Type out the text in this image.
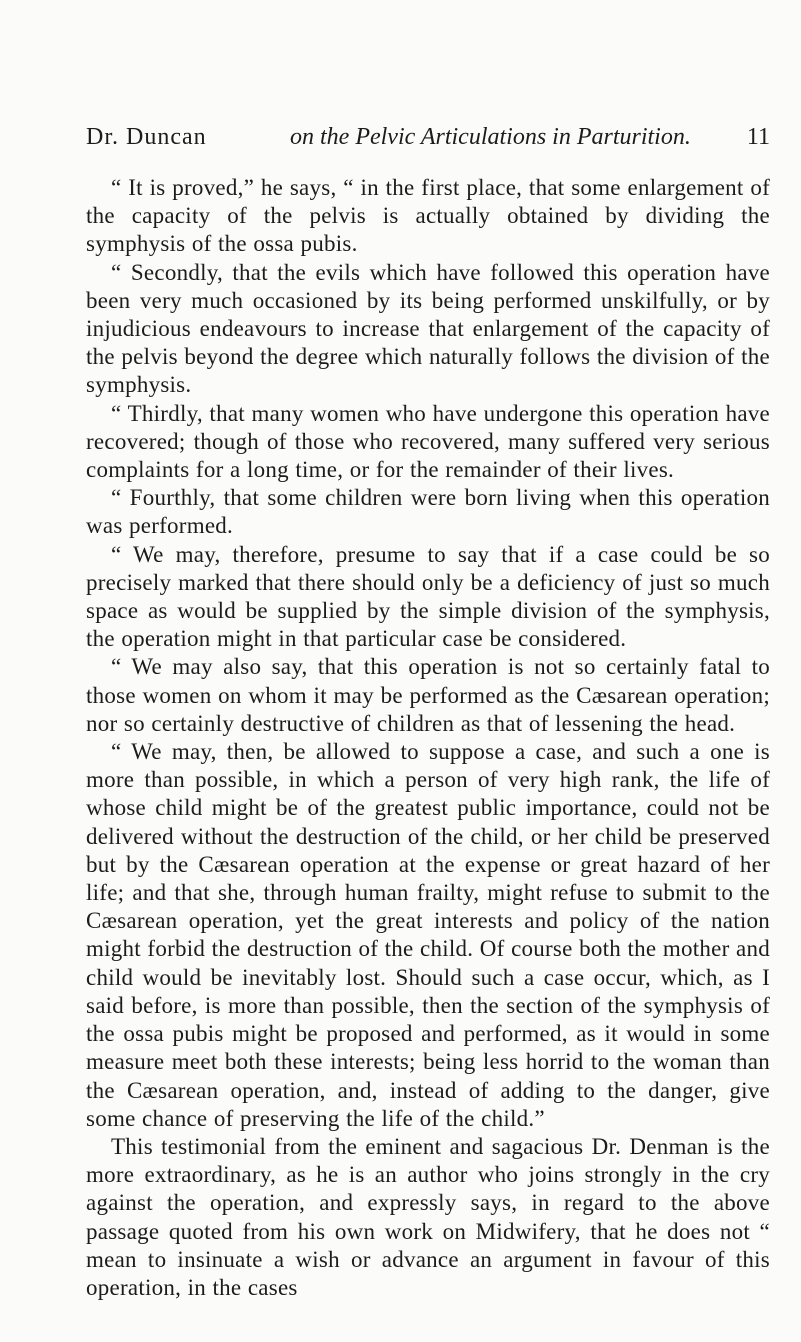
Dr. Duncan	on the Pelvic Articulations in Parturition. 11

“ It is proved,” he says, “ in the first place, that some enlargement of the capacity of the pelvis is actually obtained by dividing the symphysis of the ossa pubis.

“ Secondly, that the evils which have followed this operation have been very much occasioned by its being performed unskilfully, or by injudicious endeavours to increase that enlargement of the capacity of the pelvis beyond the degree which naturally follows the division of the symphysis.

“ Thirdly, that many women who have undergone this operation have recovered; though of those who recovered, many suffered very serious complaints for a long time, or for the remainder of their lives.

“ Fourthly, that some children were born living when this operation was performed.

“ We may, therefore, presume to say that if a case could be so precisely marked that there should only be a deficiency of just so much space as would be supplied by the simple division of the symphysis, the operation might in that particular case be considered.

“ We may also say, that this operation is not so certainly fatal to those women on whom it may be performed as the Cæsarean operation; nor so certainly destructive of children as that of lessening the head.

“ We may, then, be allowed to suppose a case, and such a one is more than possible, in which a person of very high rank, the life of whose child might be of the greatest public importance, could not be delivered without the destruction of the child, or her child be preserved but by the Cæsarean operation at the expense or great hazard of her life; and that she, through human frailty, might refuse to submit to the Cæsarean operation, yet the great interests and policy of the nation might forbid the destruction of the child. Of course both the mother and child would be inevitably lost. Should such a case occur, which, as I said before, is more than possible, then the section of the symphysis of the ossa pubis might be proposed and performed, as it would in some measure meet both these interests; being less horrid to the woman than the Cæsarean operation, and, instead of adding to the danger, give some chance of preserving the life of the child.”

This testimonial from the eminent and sagacious Dr. Denman is the more extraordinary, as he is an author who joins strongly in the cry against the operation, and expressly says, in regard to the above passage quoted from his own work on Midwifery, that he does not “ mean to insinuate a wish or advance an argument in favour of this operation, in the cases
